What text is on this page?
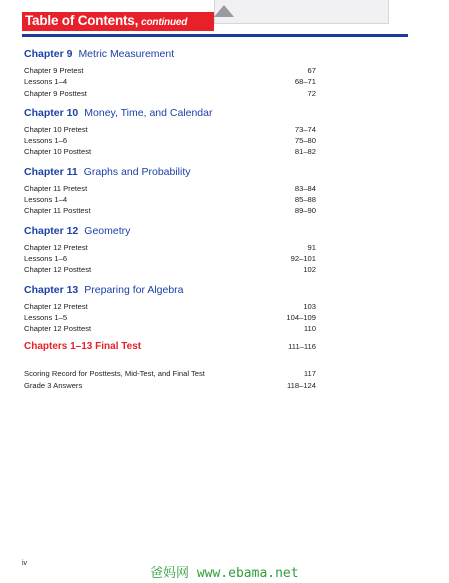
Table of Contents, continued
Chapter 9 Metric Measurement
Chapter 9 Pretest	67
Lessons 1–4	68–71
Chapter 9 Posttest	72
Chapter 10 Money, Time, and Calendar
Chapter 10 Pretest	73–74
Lessons 1–6	75–80
Chapter 10 Posttest	81–82
Chapter 11 Graphs and Probability
Chapter 11 Pretest	83–84
Lessons 1–4	85–88
Chapter 11 Posttest	89–90
Chapter 12 Geometry
Chapter 12 Pretest	91
Lessons 1–6	92–101
Chapter 12 Posttest	102
Chapter 13 Preparing for Algebra
Chapter 12 Pretest	103
Lessons 1–5	104–109
Chapter 12 Posttest	110
Chapters 1–13 Final Test	111–116
Scoring Record for Posttests, Mid-Test, and Final Test	117
Grade 3 Answers	118–124
iv
爸妈网 www.ebama.net
